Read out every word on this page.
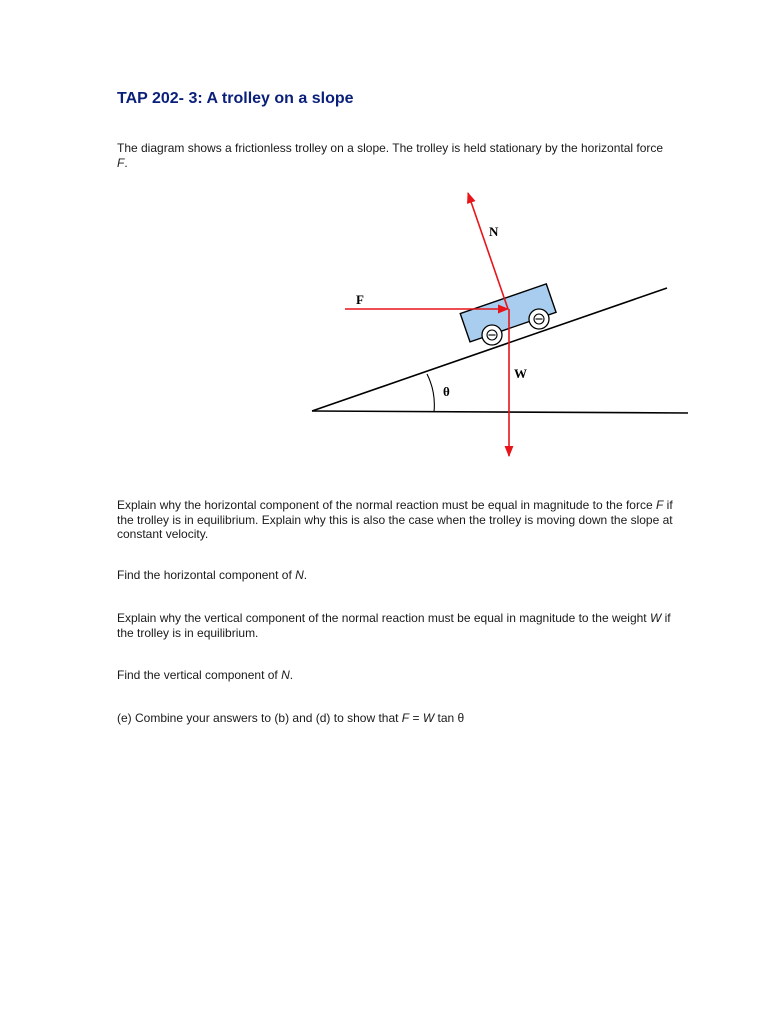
TAP 202- 3: A trolley on a slope

The diagram shows a frictionless trolley on a slope. The trolley is held stationary by the horizontal force F.

θ
N
F
W

Explain why the horizontal component of the normal reaction must be equal in magnitude to the force F if the trolley is in equilibrium. Explain why this is also the case when the trolley is moving down the slope at constant velocity.

Find the horizontal component of N.

Explain why the vertical component of the normal reaction must be equal in magnitude to the weight W if the trolley is in equilibrium.

Find the vertical component of N.

(e) Combine your answers to (b) and (d) to show that F = W tan θ
